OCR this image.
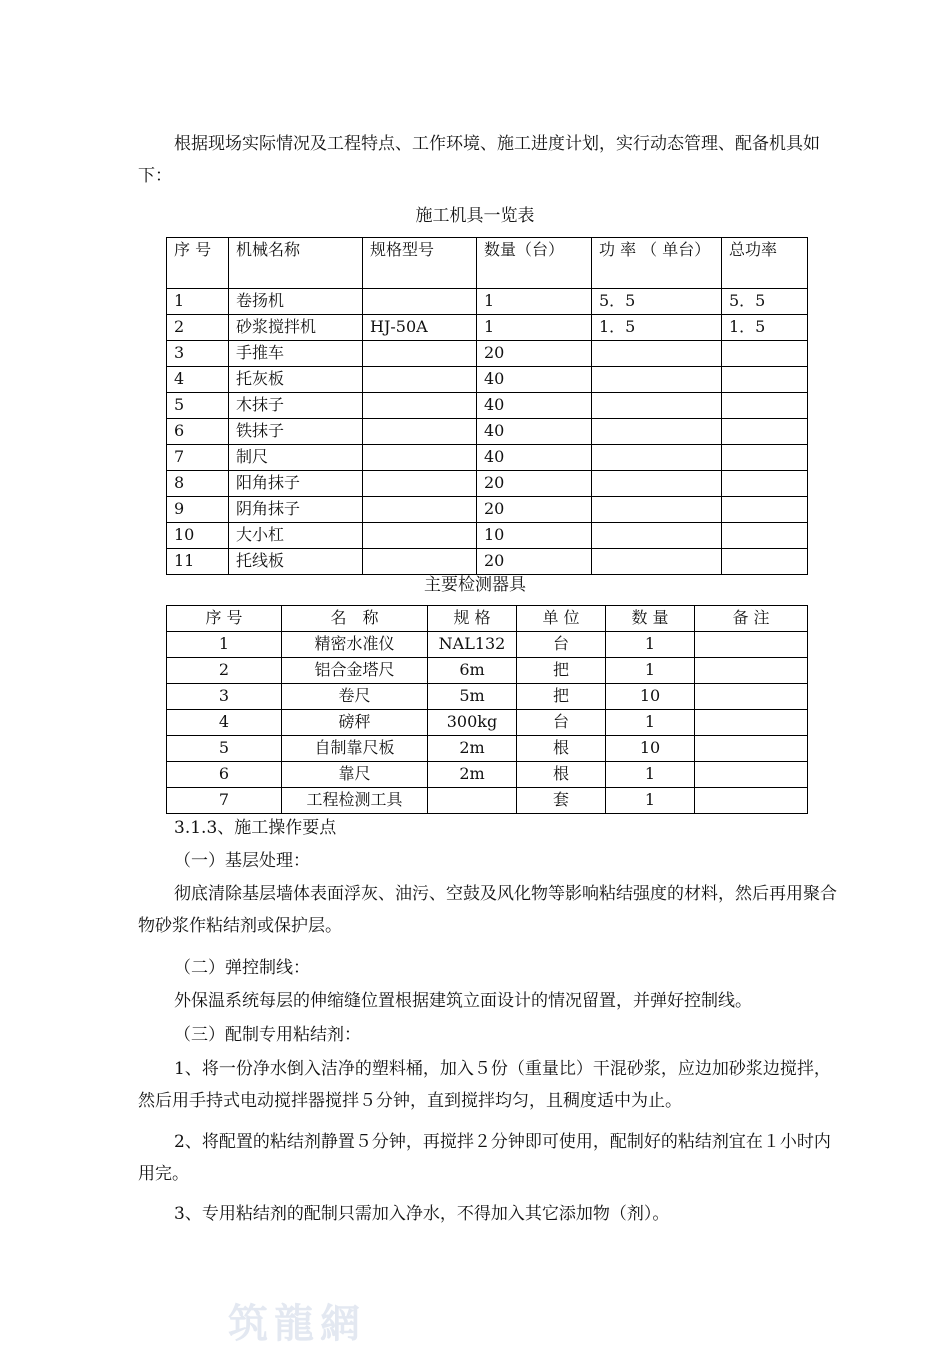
根据现场实际情况及工程特点、工作环境、施工进度计划，实行动态管理、配备机具如下：

施工机具一览表

序 号	机械名称	规格型号	数量（台）	功 率 （ 单台）	总功率
1	卷扬机		1	5．5	5．5
2	砂浆搅拌机	HJ-50A	1	1．5	1．5
3	手推车		20		
4	托灰板		40		
5	木抹子		40		
6	铁抹子		40		
7	制尺		40		
8	阳角抹子		20		
9	阴角抹子		20		
10	大小杠		10		
11	托线板		20		

主要检测器具

序 号	名　称	规 格	单 位	数 量	备 注
1	精密水准仪	NAL132	台	1	
2	铝合金塔尺	6m	把	1	
3	卷尺	5m	把	10	
4	磅秤	300kg	台	1	
5	自制靠尺板	2m	根	10	
6	靠尺	2m	根	1	
7	工程检测工具		套	1	

3.1.3、施工操作要点

（一）基层处理：

彻底清除基层墙体表面浮灰、油污、空鼓及风化物等影响粘结强度的材料，然后再用聚合物砂浆作粘结剂或保护层。

（二）弹控制线：

外保温系统每层的伸缩缝位置根据建筑立面设计的情况留置，并弹好控制线。

（三）配制专用粘结剂：

1、将一份净水倒入洁净的塑料桶，加入５份（重量比）干混砂浆，应边加砂浆边搅拌，然后用手持式电动搅拌器搅拌５分钟，直到搅拌均匀，且稠度适中为止。

2、将配置的粘结剂静置５分钟，再搅拌２分钟即可使用，配制好的粘结剂宜在１小时内用完。

3、专用粘结剂的配制只需加入净水，不得加入其它添加物（剂）。

筑龍網
